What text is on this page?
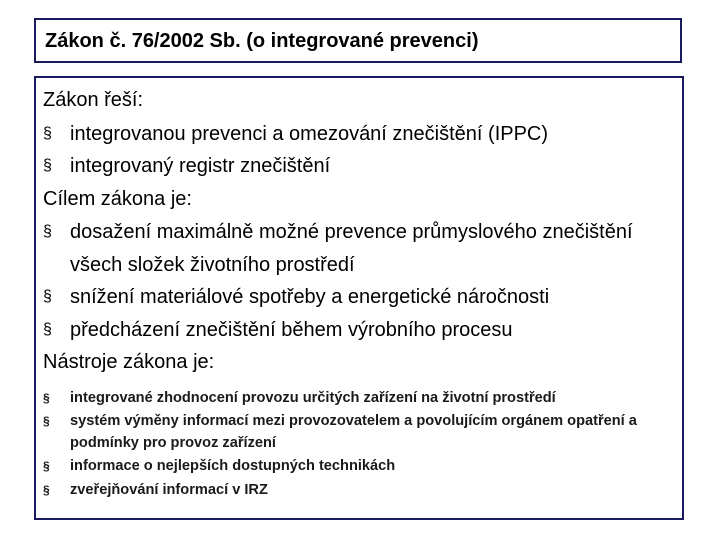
Zákon č. 76/2002 Sb. (o integrované prevenci)
Zákon řeší:
§ integrovanou prevenci a omezování znečištění (IPPC)
§ integrovaný registr znečištění
Cílem zákona je:
§ dosažení maximálně možné prevence průmyslového znečištění všech složek životního prostředí
§ snížení materiálové spotřeby a energetické náročnosti
§ předcházení znečištění během výrobního procesu
Nástroje zákona je:
§ integrované zhodnocení provozu určitých zařízení na životní prostředí
§ systém výměny informací mezi provozovatelem a povolujícím orgánem opatření a podmínky pro provoz zařízení
§ informace o nejlepších dostupných technikách
§ zveřejňování informací v IRZ
